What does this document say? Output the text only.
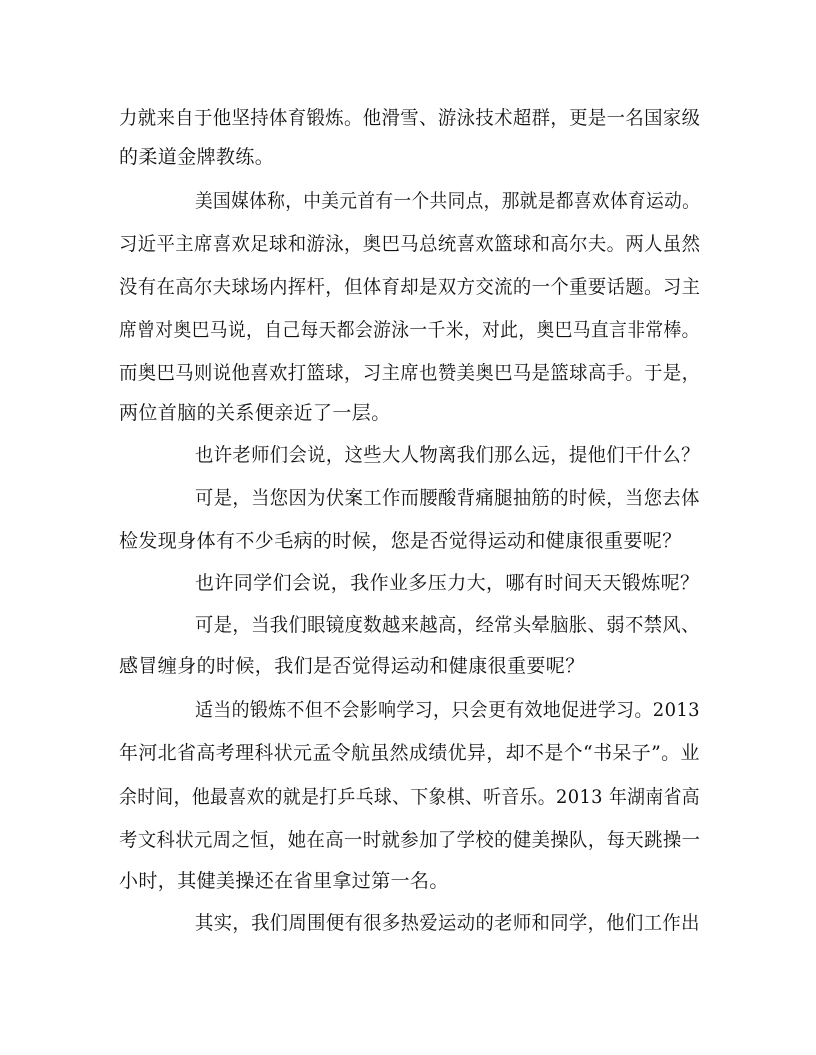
力就来自于他坚持体育锻炼。他滑雪、游泳技术超群，更是一名国家级
的柔道金牌教练。
美国媒体称，中美元首有一个共同点，那就是都喜欢体育运动。
习近平主席喜欢足球和游泳，奥巴马总统喜欢篮球和高尔夫。两人虽然
没有在高尔夫球场内挥杆，但体育却是双方交流的一个重要话题。习主
席曾对奥巴马说，自己每天都会游泳一千米，对此，奥巴马直言非常棒。
而奥巴马则说他喜欢打篮球，习主席也赞美奥巴马是篮球高手。于是，
两位首脑的关系便亲近了一层。
也许老师们会说，这些大人物离我们那么远，提他们干什么？
可是，当您因为伏案工作而腰酸背痛腿抽筋的时候，当您去体
检发现身体有不少毛病的时候，您是否觉得运动和健康很重要呢？
也许同学们会说，我作业多压力大，哪有时间天天锻炼呢？
可是，当我们眼镜度数越来越高，经常头晕脑胀、弱不禁风、
感冒缠身的时候，我们是否觉得运动和健康很重要呢？
适当的锻炼不但不会影响学习，只会更有效地促进学习。2013
年河北省高考理科状元孟令航虽然成绩优异，却不是个“书呆子”。业
余时间，他最喜欢的就是打乒乓球、下象棋、听音乐。2013 年湖南省高
考文科状元周之恒，她在高一时就参加了学校的健美操队，每天跳操一
小时，其健美操还在省里拿过第一名。
其实，我们周围便有很多热爱运动的老师和同学，他们工作出
